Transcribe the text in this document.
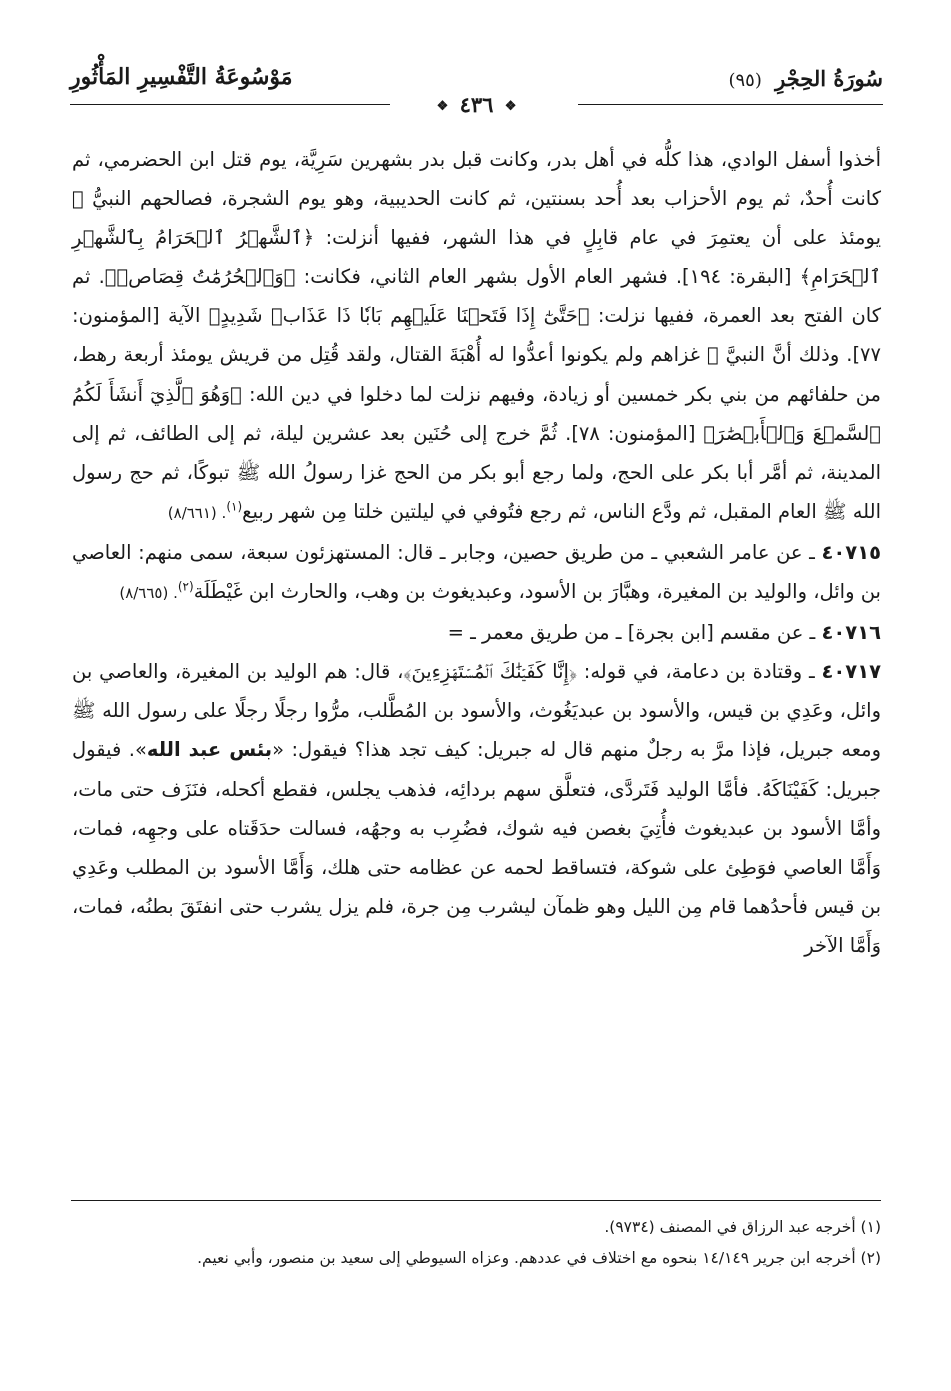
سُورَةُ الحِجْرِ (٩٥)
مَوْسُوعَةُ التَّفْسِيرِ المَأْثُورِ
❖ ٤٣٦ ❖

أخذوا أسفل الوادي، هذا كلُّه في أهل بدر، وكانت قبل بدر بشهرين سَرِيَّة، يوم قتل ابن الحضرمي، ثم كانت أُحدٌ، ثم يوم الأحزاب بعد أُحد بسنتين، ثم كانت الحديبية، وهو يوم الشجرة، فصالحهم النبيُّ ﷺ يومئذ على أن يعتمِرَ في عام قابِلٍ في هذا الشهر، ففيها أنزلت: ﴿ٱلشَّهۡرُ ٱلۡحَرَامُ بِٱلشَّهۡرِ ٱلۡحَرَامِ﴾ [البقرة: ١٩٤]. فشهر العام الأول بشهر العام الثاني، فكانت: ﴿وَٱلۡحُرُمَٰتُ قِصَاصٞ﴾. ثم كان الفتح بعد العمرة، ففيها نزلت: ﴿حَتَّىٰٓ إِذَا فَتَحۡنَا عَلَيۡهِم بَابٗا ذَا عَذَابٖ شَدِيدٍ﴾ الآية [المؤمنون: ٧٧]. وذلك أنَّ النبيَّ ﷺ غزاهم ولم يكونوا أعدُّوا له أُهْبَةَ القتال، ولقد قُتِل من قريش يومئذ أربعة رهط، من حلفائهم من بني بكر خمسين أو زيادة، وفيهم نزلت لما دخلوا في دين الله: ﴿وَهُوَ ٱلَّذِيٓ أَنشَأَ لَكُمُ ٱلسَّمۡعَ وَٱلۡأَبۡصَٰرَ﴾ [المؤمنون: ٧٨]. ثُمَّ خرج إلى حُنَين بعد عشرين ليلة، ثم إلى الطائف، ثم إلى المدينة، ثم أمَّر أبا بكر على الحج، ولما رجع أبو بكر من الحج غزا رسولُ الله ﷺ تبوكًا، ثم حج رسول الله ﷺ العام المقبل، ثم ودَّع الناس، ثم رجع فتُوفي في ليلتين خلتا مِن شهر ربيع$^{(١)}$. (٨/٦٦١)

٤٠٧١٥ ـ عن عامر الشعبي ـ من طريق حصين، وجابر ـ قال: المستهزئون سبعة، سمى منهم: العاصي بن وائل، والوليد بن المغيرة، وهبَّارَ بن الأسود، وعبديغوث بن وهب، والحارث ابن غَيْطَلَة$^{(٢)}$. (٨/٦٦٥)

٤٠٧١٦ ـ عن مقسم [ابن بجرة] ـ من طريق معمر ـ =

٤٠٧١٧ ـ وقتادة بن دعامة، في قوله: ﴿إِنَّا كَفَيۡنَٰكَ ٱلۡمُسۡتَهۡزِءِينَ﴾، قال: هم الوليد بن المغيرة، والعاصي بن وائل، وعَدِي بن قيس، والأسود بن عبديَغُوث، والأسود بن المُطَّلب، مرُّوا رجلًا رجلًا على رسول الله ﷺ ومعه جبريل، فإذا مرَّ به رجلٌ منهم قال له جبريل: كيف تجد هذا؟ فيقول: «بئس عبد الله». فيقول جبريل: كَفَيْنَاكَهُ. فأمَّا الوليد فَتَردَّى، فتعلَّق سهم بردائِه، فذهب يجلس، فقطع أكحله، فنَزَف حتى مات، وأمَّا الأسود بن عبديغوث فأُتِيَ بغصن فيه شوك، فضُرِب به وجهُه، فسالت حدَقَتاه على وجهِه، فمات، وَأَمَّا العاصي فوَطِئ على شوكة، فتساقط لحمه عن عظامه حتى هلك، وَأَمَّا الأسود بن المطلب وعَدِي بن قيس فأحدُهما قام مِن الليل وهو ظمآن ليشرب مِن جرة، فلم يزل يشرب حتى انفتَقَ بطنُه، فمات، وَأَمَّا الآخر

(١) أخرجه عبد الرزاق في المصنف (٩٧٣٤).

(٢) أخرجه ابن جرير ١٤/١٤٩ بنحوه مع اختلاف في عددهم. وعزاه السيوطي إلى سعيد بن منصور، وأبي نعيم.
